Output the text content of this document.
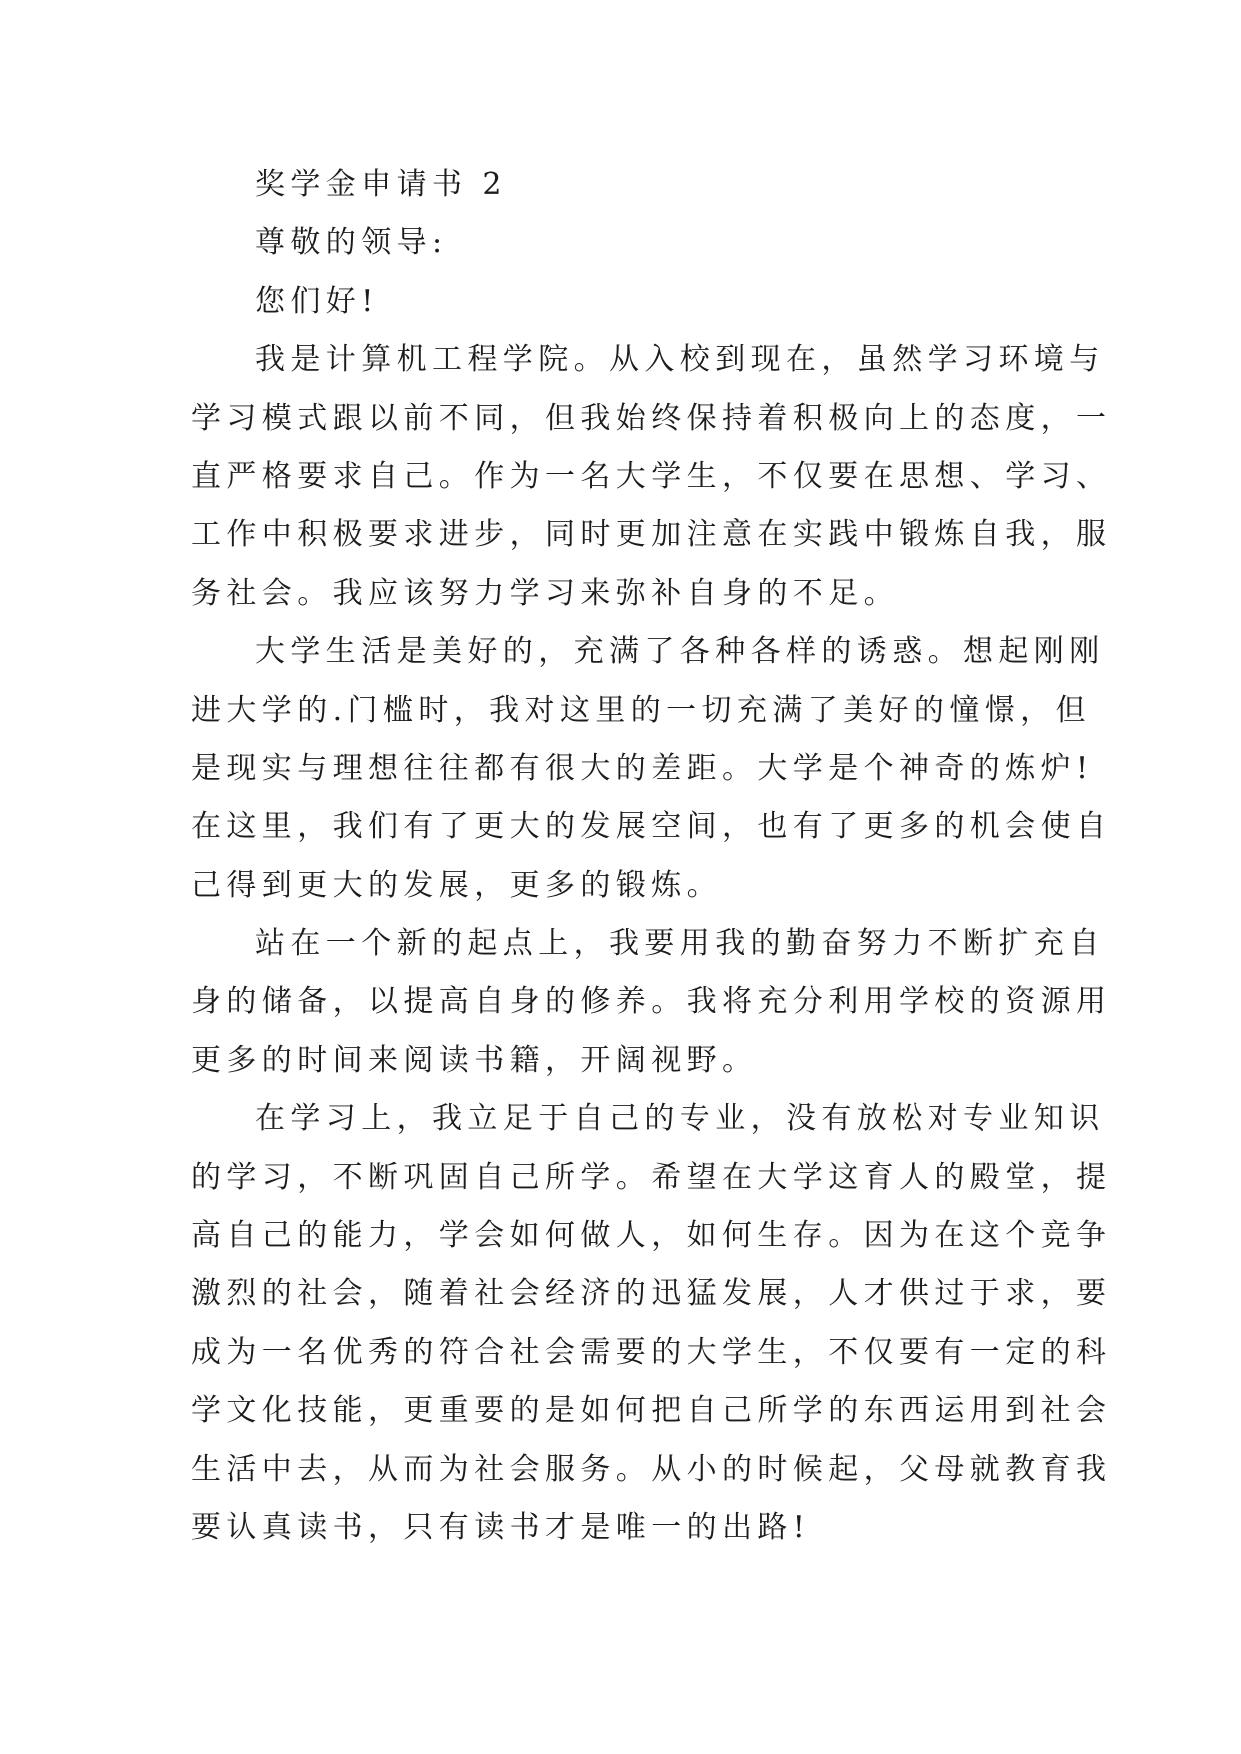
奖学金申请书 2
尊敬的领导:
您们好!
我是计算机工程学院。从入校到现在，虽然学习环境与
学习模式跟以前不同，但我始终保持着积极向上的态度，一
直严格要求自己。作为一名大学生，不仅要在思想、学习、
工作中积极要求进步，同时更加注意在实践中锻炼自我，服
务社会。我应该努力学习来弥补自身的不足。
大学生活是美好的，充满了各种各样的诱惑。想起刚刚
进大学的.门槛时，我对这里的一切充满了美好的憧憬，但
是现实与理想往往都有很大的差距。大学是个神奇的炼炉!
在这里，我们有了更大的发展空间，也有了更多的机会使自
己得到更大的发展，更多的锻炼。
站在一个新的起点上，我要用我的勤奋努力不断扩充自
身的储备，以提高自身的修养。我将充分利用学校的资源用
更多的时间来阅读书籍，开阔视野。
在学习上，我立足于自己的专业，没有放松对专业知识
的学习，不断巩固自己所学。希望在大学这育人的殿堂，提
高自己的能力，学会如何做人，如何生存。因为在这个竞争
激烈的社会，随着社会经济的迅猛发展，人才供过于求，要
成为一名优秀的符合社会需要的大学生，不仅要有一定的科
学文化技能，更重要的是如何把自己所学的东西运用到社会
生活中去，从而为社会服务。从小的时候起，父母就教育我
要认真读书，只有读书才是唯一的出路!
